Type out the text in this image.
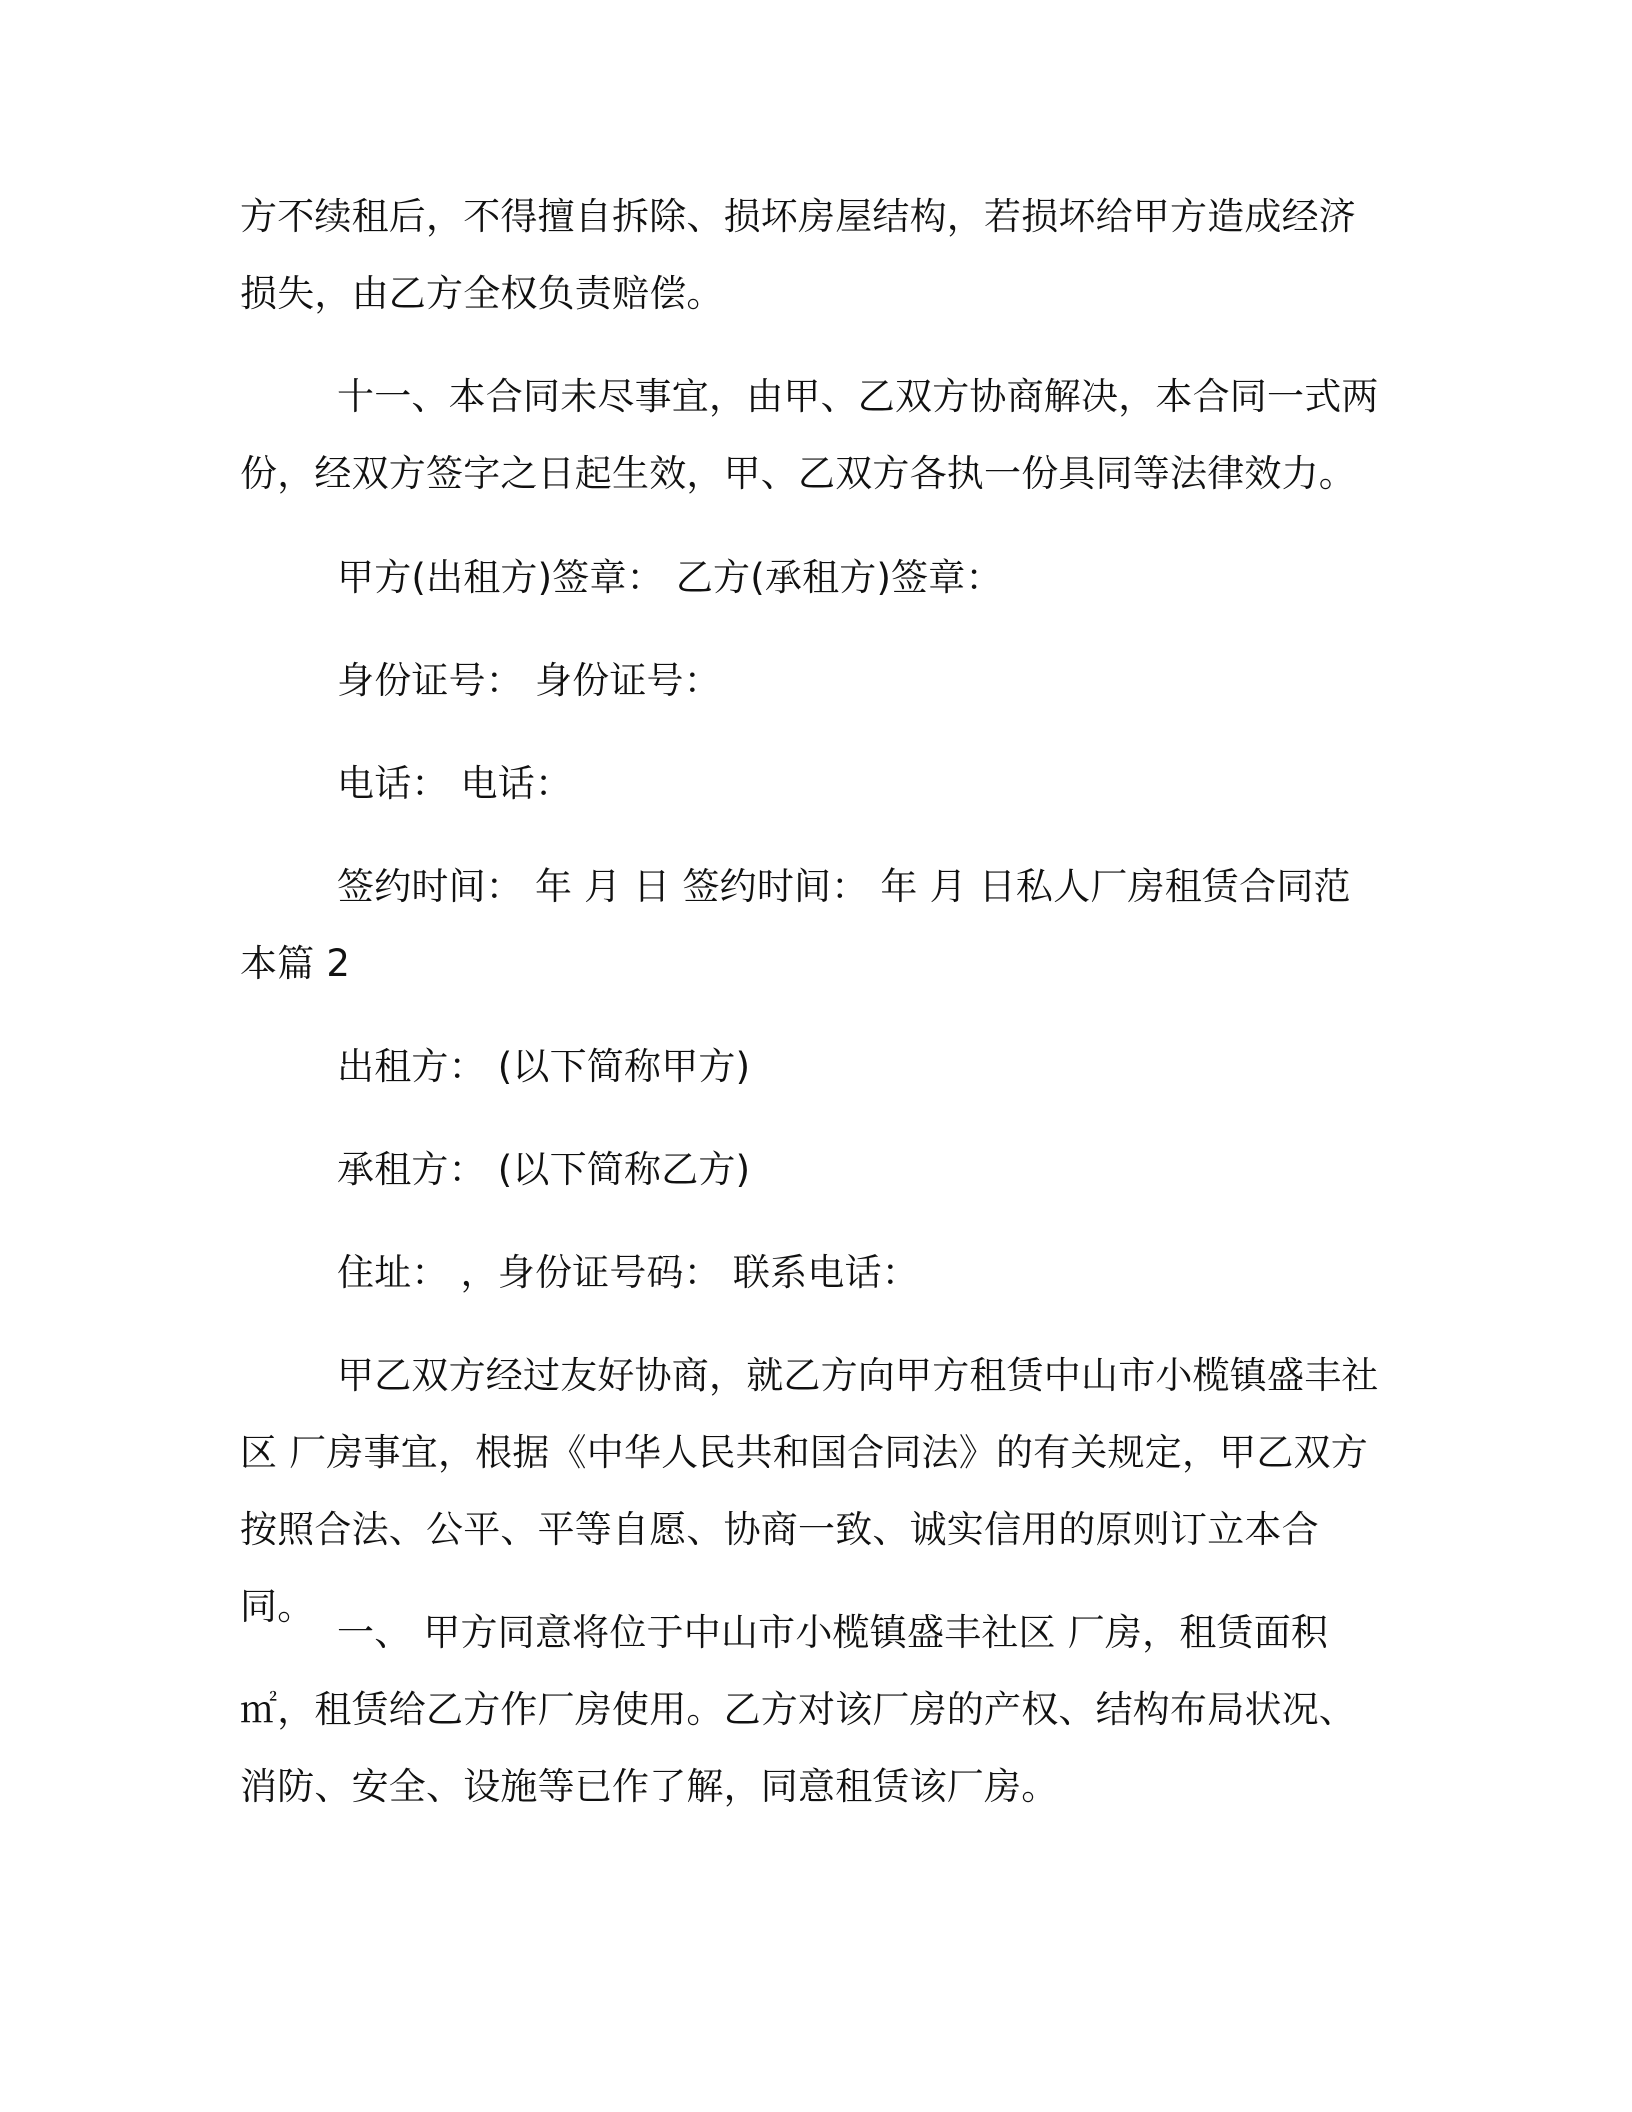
方不续租后，不得擅自拆除、损坏房屋结构，若损坏给甲方造成经济损失，由乙方全权负责赔偿。

十一、本合同未尽事宜，由甲、乙双方协商解决，本合同一式两份，经双方签字之日起生效，甲、乙双方各执一份具同等法律效力。

甲方(出租方)签章： 乙方(承租方)签章：

身份证号： 身份证号：

电话： 电话：

签约时间： 年 月 日 签约时间： 年 月 日私人厂房租赁合同范本篇 2

出租方： (以下简称甲方)

承租方： (以下简称乙方)

住址： ，身份证号码： 联系电话：

甲乙双方经过友好协商，就乙方向甲方租赁中山市小榄镇盛丰社区 厂房事宜，根据《中华人民共和国合同法》的有关规定，甲乙双方按照合法、公平、平等自愿、协商一致、诚实信用的原则订立本合同。

一、 甲方同意将位于中山市小榄镇盛丰社区 厂房，租赁面积 ㎡，租赁给乙方作厂房使用。乙方对该厂房的产权、结构布局状况、消防、安全、设施等已作了解，同意租赁该厂房。
